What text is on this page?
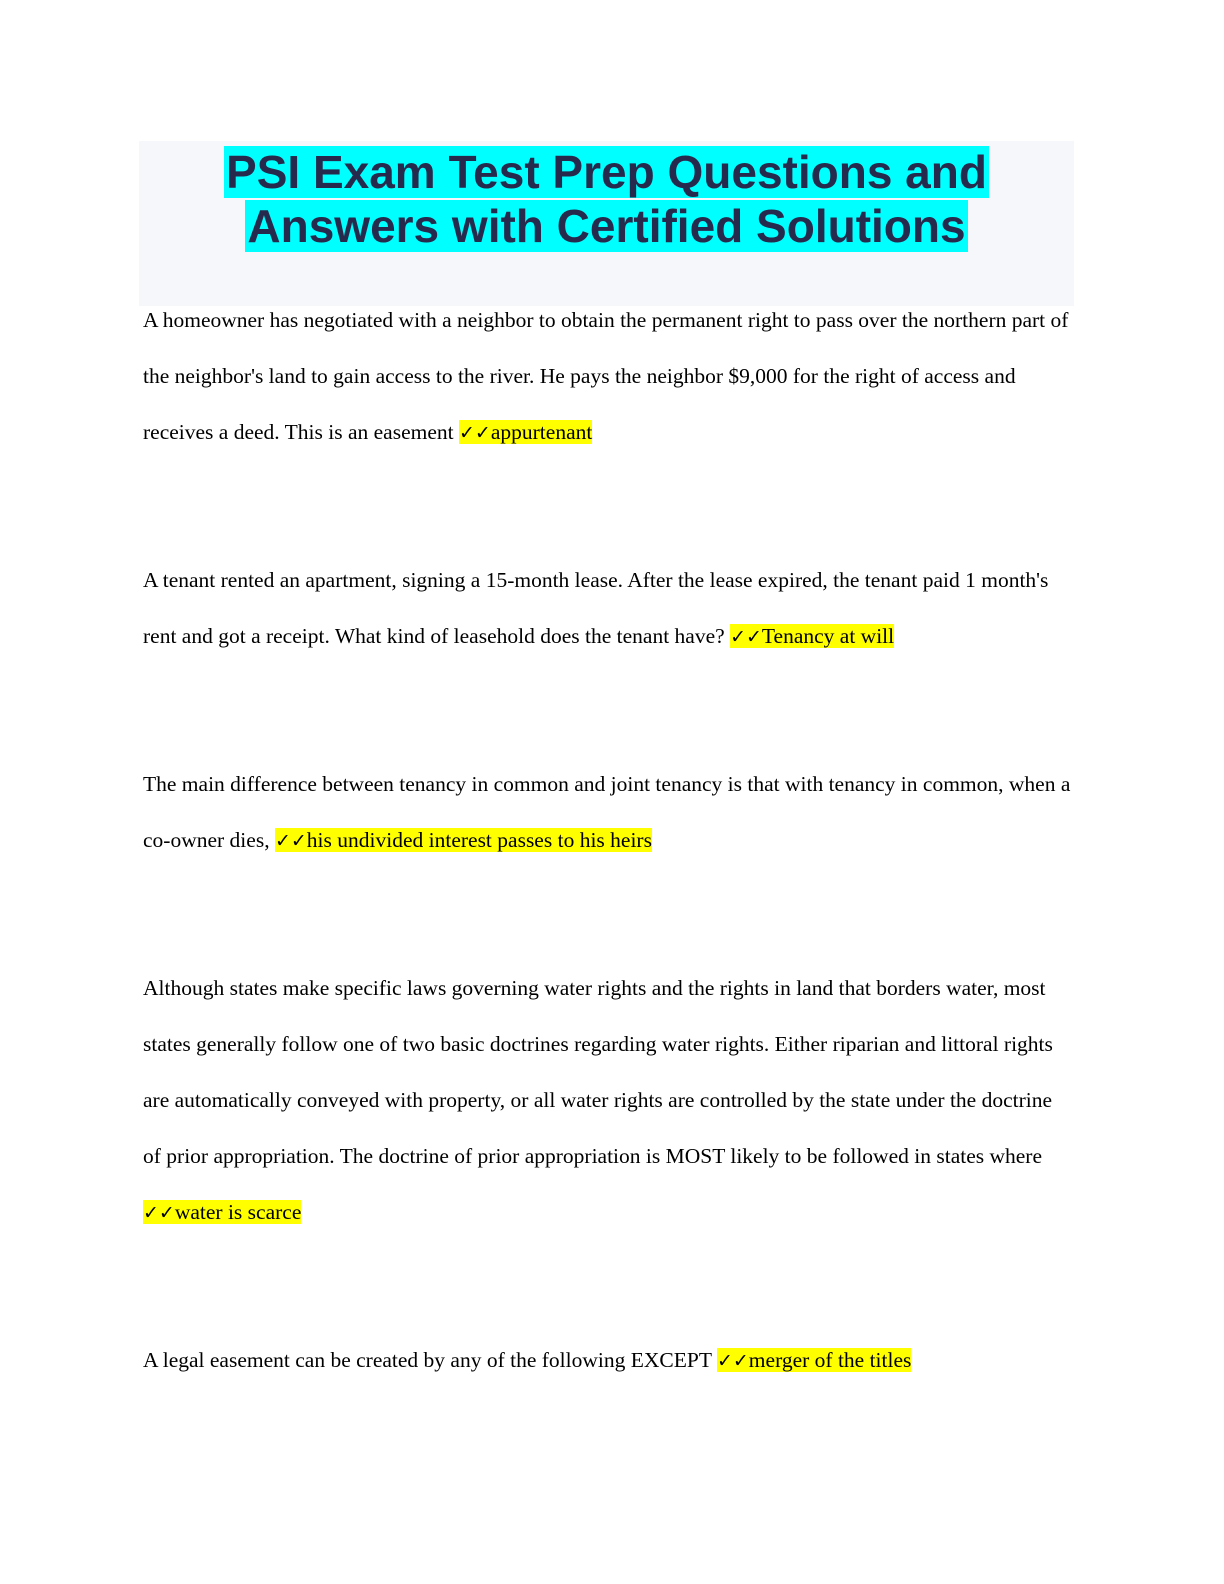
PSI Exam Test Prep Questions and
Answers with Certified Solutions

A homeowner has negotiated with a neighbor to obtain the permanent right to pass over the northern part of the neighbor's land to gain access to the river. He pays the neighbor $9,000 for the right of access and receives a deed. This is an easement ✓✓appurtenant

A tenant rented an apartment, signing a 15-month lease. After the lease expired, the tenant paid 1 month's rent and got a receipt. What kind of leasehold does the tenant have? ✓✓Tenancy at will

The main difference between tenancy in common and joint tenancy is that with tenancy in common, when a co-owner dies, ✓✓his undivided interest passes to his heirs

Although states make specific laws governing water rights and the rights in land that borders water, most states generally follow one of two basic doctrines regarding water rights. Either riparian and littoral rights are automatically conveyed with property, or all water rights are controlled by the state under the doctrine of prior appropriation. The doctrine of prior appropriation is MOST likely to be followed in states where ✓✓water is scarce

A legal easement can be created by any of the following EXCEPT ✓✓merger of the titles
